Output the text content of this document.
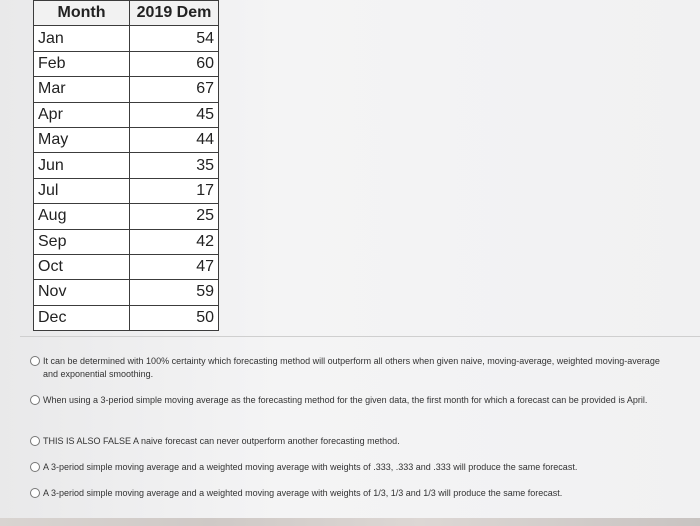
Month	2019 Dem
Jan	54
Feb	60
Mar	67
Apr	45
May	44
Jun	35
Jul	17
Aug	25
Sep	42
Oct	47
Nov	59
Dec	50
It can be determined with 100% certainty which forecasting method will outperform all others when given naive, moving-average, weighted moving-average and exponential smoothing.
When using a 3-period simple moving average as the forecasting method for the given data, the first month for which a forecast can be provided is April.
THIS IS ALSO FALSE A naive forecast can never outperform another forecasting method.
A 3-period simple moving average and a weighted moving average with weights of .333, .333 and .333 will produce the same forecast.
A 3-period simple moving average and a weighted moving average with weights of 1/3, 1/3 and 1/3 will produce the same forecast.
